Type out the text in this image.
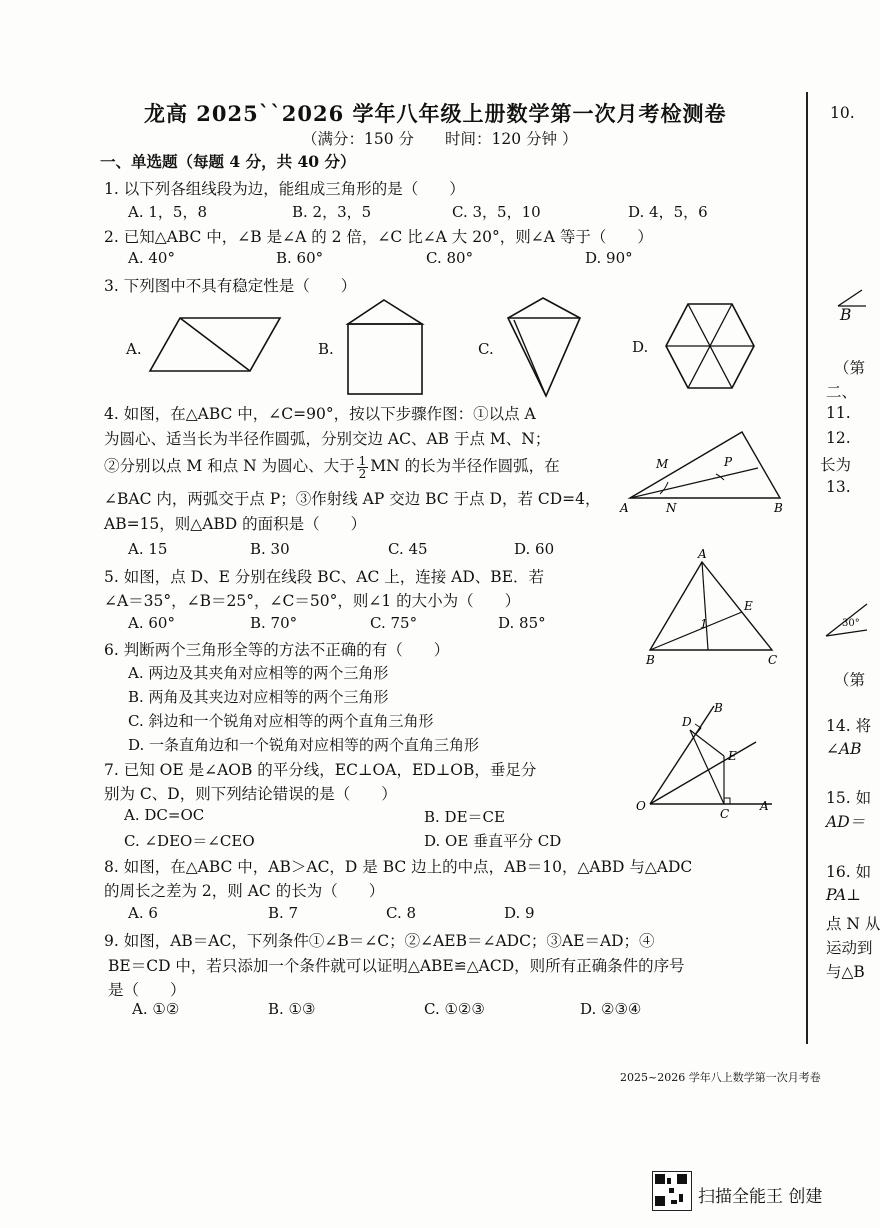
龙高 2025``2026 学年八年级上册数学第一次月考检测卷
（满分：150 分　　时间：120 分钟 ）
一、单选题（每题 4 分，共 40 分）
1. 以下列各组线段为边，能组成三角形的是（　　）
A. 1，5，8	B. 2，3，5	C. 3，5，10	D. 4，5，6
2. 已知△ABC 中，∠B 是∠A 的 2 倍，∠C 比∠A 大 20°，则∠A 等于（　　）
A. 40°	B. 60°	C. 80°	D. 90°
3. 下列图中不具有稳定性是（　　）
A.	B.	C.	D.
4. 如图，在△ABC 中，∠C=90°，按以下步骤作图：①以点 A
为圆心、适当长为半径作圆弧，分别交边 AC、AB 于点 M、N；
②分别以点 M 和点 N 为圆心、大于 $\frac{1}{2}$ MN 的长为半径作圆弧，在
∠BAC 内，两弧交于点 P；③作射线 AP 交边 BC 于点 D，若 CD=4，
AB=15，则△ABD 的面积是（　　）
A. 15	B. 30	C. 45	D. 60
M	P
A	N	B
5. 如图，点 D、E 分别在线段 BC、AC 上，连接 AD、BE．若
∠A＝35°，∠B＝25°，∠C＝50°，则∠1 的大小为（　　）
A. 60°	B. 70°	C. 75°	D. 85°
A
E
1
B	C
6. 判断两个三角形全等的方法不正确的有（　　）
A. 两边及其夹角对应相等的两个三角形
B. 两角及其夹边对应相等的两个三角形
C. 斜边和一个锐角对应相等的两个直角三角形
D. 一条直角边和一个锐角对应相等的两个直角三角形
7. 已知 OE 是∠AOB 的平分线，EC⊥OA，ED⊥OB，垂足分
别为 C、D，则下列结论错误的是（　　）
A. DC=OC	B. DE＝CE
C. ∠DEO＝∠CEO	D. OE 垂直平分 CD
B
D
E
O
C
A
8. 如图，在△ABC 中，AB＞AC，D 是 BC 边上的中点，AB＝10，△ABD 与△ADC
的周长之差为 2，则 AC 的长为（　　）
A. 6	B. 7	C. 8	D. 9
9. 如图，AB＝AC，下列条件①∠B＝∠C；②∠AEB＝∠ADC；③AE＝AD；④
BE＝CD 中，若只添加一个条件就可以证明△ABE≌△ACD，则所有正确条件的序号
是（　　）
A. ①②	B. ①③	C. ①②③	D. ②③④
10.
B
（第
二、
11.
12.
长为
13.
30°
（第
14. 将
∠AB
15. 如
AD＝
16. 如
PA⊥
点 N 从
运动到
与△B
2025~2026 学年八上数学第一次月考卷
扫描全能王 创建
